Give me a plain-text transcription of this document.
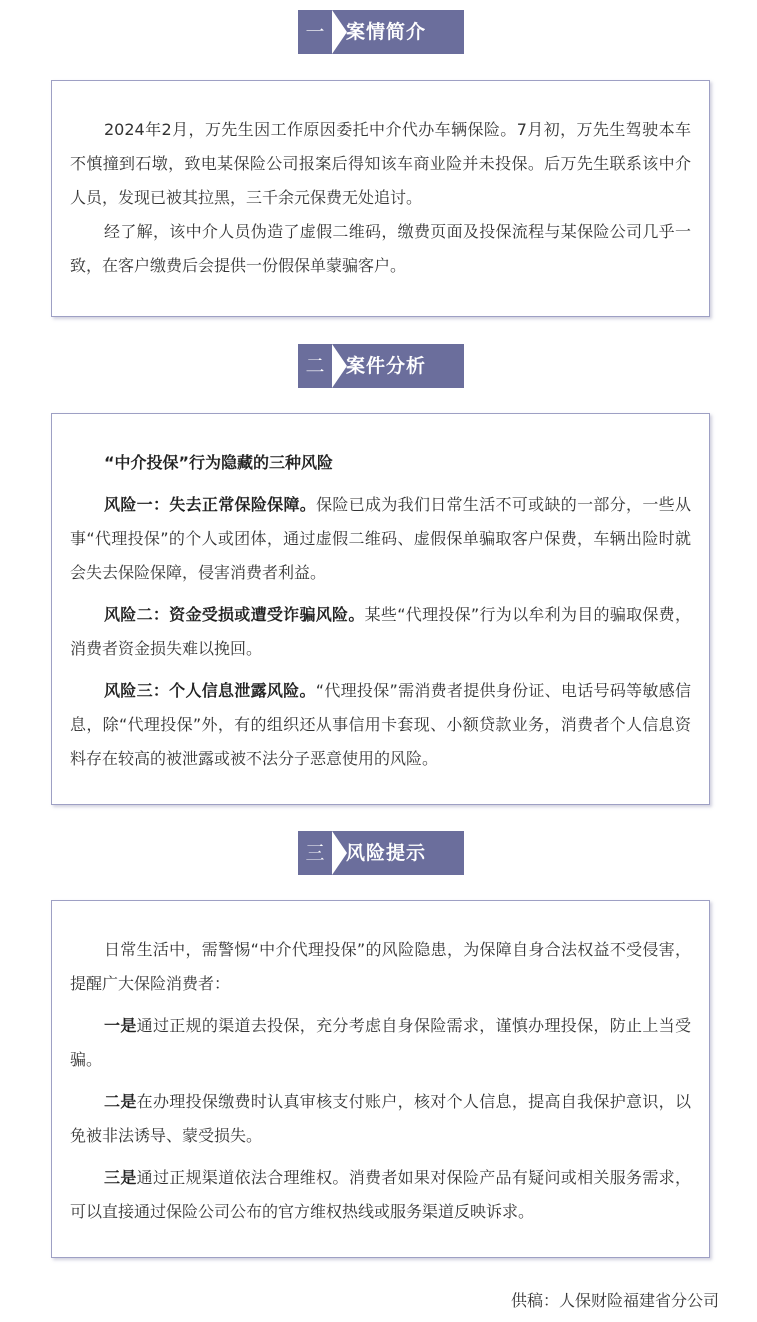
一	案情简介

2024年2月，万先生因工作原因委托中介代办车辆保险。7月初，万先生驾驶本车不慎撞到石墩，致电某保险公司报案后得知该车商业险并未投保。后万先生联系该中介人员，发现已被其拉黑，三千余元保费无处追讨。

经了解，该中介人员伪造了虚假二维码，缴费页面及投保流程与某保险公司几乎一致，在客户缴费后会提供一份假保单蒙骗客户。

二	案件分析

“中介投保”行为隐藏的三种风险

风险一：失去正常保险保障。保险已成为我们日常生活不可或缺的一部分，一些从事“代理投保”的个人或团体，通过虚假二维码、虚假保单骗取客户保费，车辆出险时就会失去保险保障，侵害消费者利益。

风险二：资金受损或遭受诈骗风险。某些“代理投保”行为以牟利为目的骗取保费，消费者资金损失难以挽回。

风险三：个人信息泄露风险。“代理投保”需消费者提供身份证、电话号码等敏感信息，除“代理投保”外，有的组织还从事信用卡套现、小额贷款业务，消费者个人信息资料存在较高的被泄露或被不法分子恶意使用的风险。

三	风险提示

日常生活中，需警惕“中介代理投保”的风险隐患，为保障自身合法权益不受侵害，提醒广大保险消费者：

一是通过正规的渠道去投保，充分考虑自身保险需求，谨慎办理投保，防止上当受骗。

二是在办理投保缴费时认真审核支付账户，核对个人信息，提高自我保护意识，以免被非法诱导、蒙受损失。

三是通过正规渠道依法合理维权。消费者如果对保险产品有疑问或相关服务需求，可以直接通过保险公司公布的官方维权热线或服务渠道反映诉求。

供稿：人保财险福建省分公司
